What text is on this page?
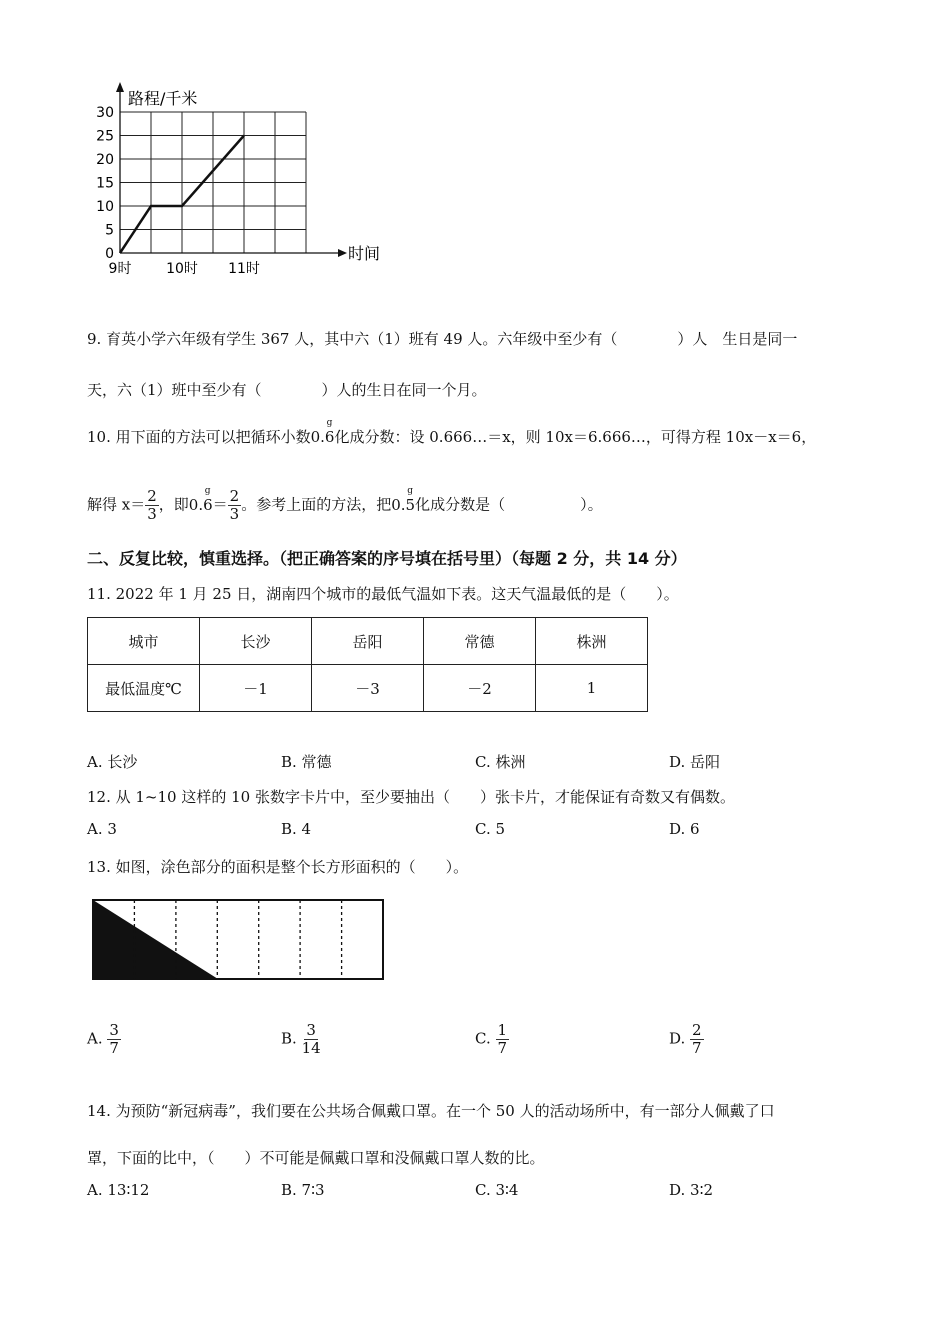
0
5
10
15
20
25
30
9时 10时 11时
路程/千米
时间
9. 育英小学六年级有学生 367 人，其中六（1）班有 49 人。六年级中至少有（　　　　）人　生日是同一
天，六（1）班中至少有（　　　　）人的生日在同一个月。
10. 用下面的方法可以把循环小数0.6
g
化成分数：设 0.666…＝x，则 10x＝6.666…，可得方程 10x－x＝6，
解得 $x= \frac{2}{3}$ ，即0.6
g
＝ $\frac{2}{3}$ 。参考上面的方法，把0.5
g
化成分数是（　　　　　）。
二、反复比较，慎重选择。（把正确答案的序号填在括号里）（每题 2 分，共 14 分）
11. 2022 年 1 月 25 日，湖南四个城市的最低气温如下表。这天气温最低的是（　　）。
城市	长沙	岳阳	常德	株洲
最低温度℃	－1	－3	－2	1
A. 长沙	B. 常德	C. 株洲	D. 岳阳
12. 从 1~10 这样的 10 张数字卡片中，至少要抽出（　　）张卡片，才能保证有奇数又有偶数。
A. 3	B. 4	C. 5	D. 6
13. 如图，涂色部分的面积是整个长方形面积的（　　）。
A. $\frac{3}{7}$	B. $\frac{3}{14}$	C. $\frac{1}{7}$	D. $\frac{2}{7}$
14. 为预防“新冠病毒”，我们要在公共场合佩戴口罩。在一个 50 人的活动场所中，有一部分人佩戴了口
罩，下面的比中，（　　）不可能是佩戴口罩和没佩戴口罩人数的比。
A. 13∶12	B. 7∶3	C. 3∶4	D. 3∶2
